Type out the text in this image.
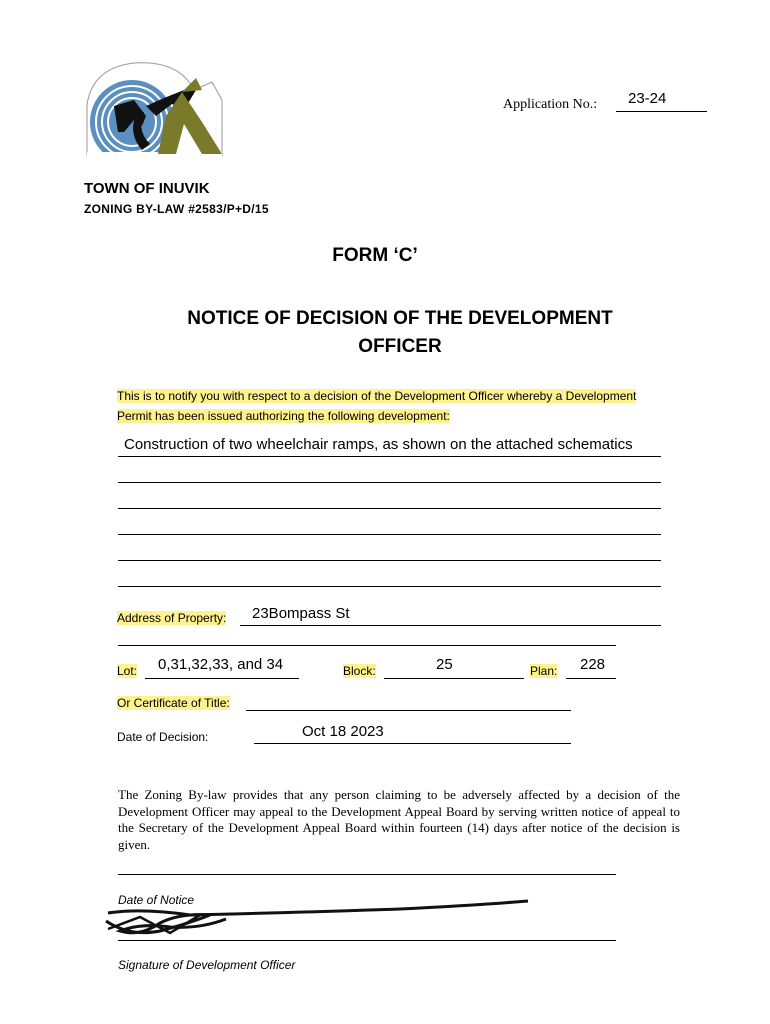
Application No.: 23-24
TOWN OF INUVIK
ZONING BY-LAW #2583/P+D/15
FORM ‘C’
NOTICE OF DECISION OF THE DEVELOPMENT OFFICER
This is to notify you with respect to a decision of the Development Officer whereby a Development
Permit has been issued authorizing the following development:
Construction of two wheelchair ramps, as shown on the attached schematics
Address of Property: 23Bompass St
Lot: 0,31,32,33, and 34	Block:	25	Plan: 228
Or Certificate of Title:
Date of Decision:	Oct 18 2023
The Zoning By-law provides that any person claiming to be adversely affected by a decision of the Development Officer may appeal to the Development Appeal Board by serving written notice of appeal to the Secretary of the Development Appeal Board within fourteen (14) days after notice of the decision is given.
Date of Notice
Signature of Development Officer
